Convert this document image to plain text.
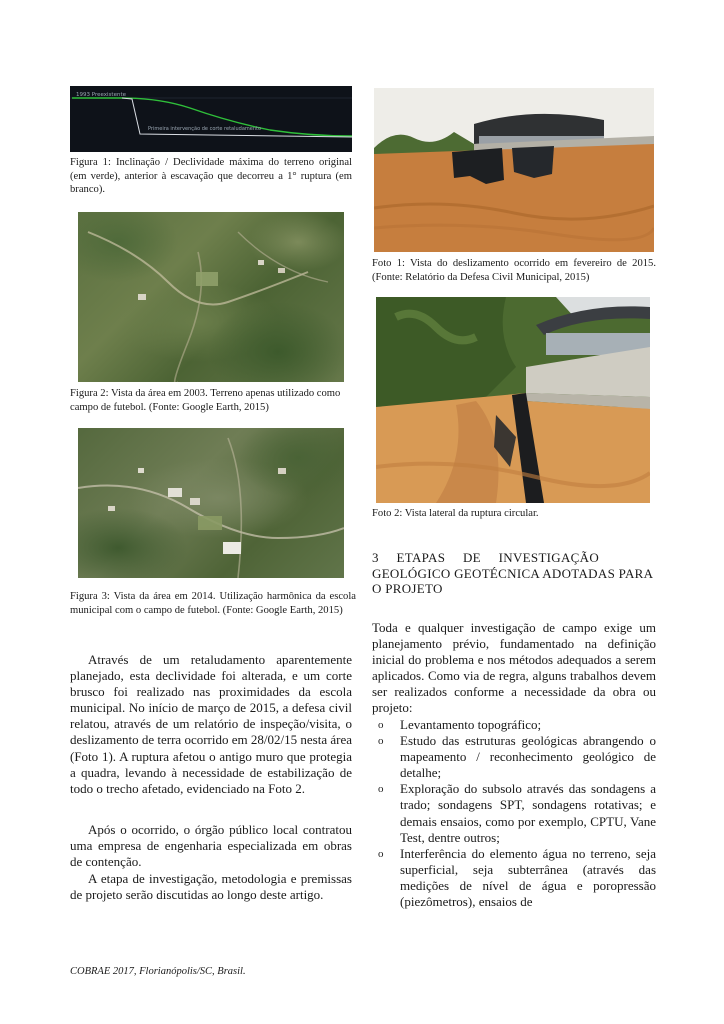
1993 Preexistente
Primeira intervenção de corte retaludamento
Figura 1: Inclinação / Declividade máxima do terreno original (em verde), anterior à escavação que decorreu a 1° ruptura (em branco).
Figura 2: Vista da área em 2003. Terreno apenas utilizado como campo de futebol. (Fonte: Google Earth, 2015)
Figura 3: Vista da área em 2014. Utilização harmônica da escola municipal com o campo de futebol. (Fonte: Google Earth, 2015)
Através de um retaludamento aparentemente planejado, esta declividade foi alterada, e um corte brusco foi realizado nas proximidades da escola municipal. No início de março de 2015, a defesa civil relatou, através de um relatório de inspeção/visita, o deslizamento de terra ocorrido em 28/02/15 nesta área (Foto 1). A ruptura afetou o antigo muro que protegia a quadra, levando à necessidade de estabilização de todo o trecho afetado, evidenciado na Foto 2.
Após o ocorrido, o órgão público local contratou uma empresa de engenharia especializada em obras de contenção.
A etapa de investigação, metodologia e premissas de projeto serão discutidas ao longo deste artigo.
Foto 1: Vista do deslizamento ocorrido em fevereiro de 2015. (Fonte: Relatório da Defesa Civil Municipal, 2015)
Foto 2: Vista lateral da ruptura circular.
3     ETAPAS     DE     INVESTIGAÇÃO GEOLÓGICO GEOTÉCNICA ADOTADAS PARA O PROJETO
Toda e qualquer investigação de campo exige um planejamento prévio, fundamentado na definição inicial do problema e nos métodos adequados a serem aplicados. Como via de regra, alguns trabalhos devem ser realizados conforme a necessidade da obra ou projeto:
o Levantamento topográfico;
o Estudo das estruturas geológicas abrangendo o mapeamento / reconhecimento geológico de detalhe;
o Exploração do subsolo através das sondagens a trado; sondagens SPT, sondagens rotativas; e demais ensaios, como por exemplo, CPTU, Vane Test, dentre outros;
o Interferência do elemento água no terreno, seja superficial, seja subterrânea (através das medições de nível de água e poropressão (piezômetros), ensaios de
COBRAE 2017, Florianópolis/SC, Brasil.
